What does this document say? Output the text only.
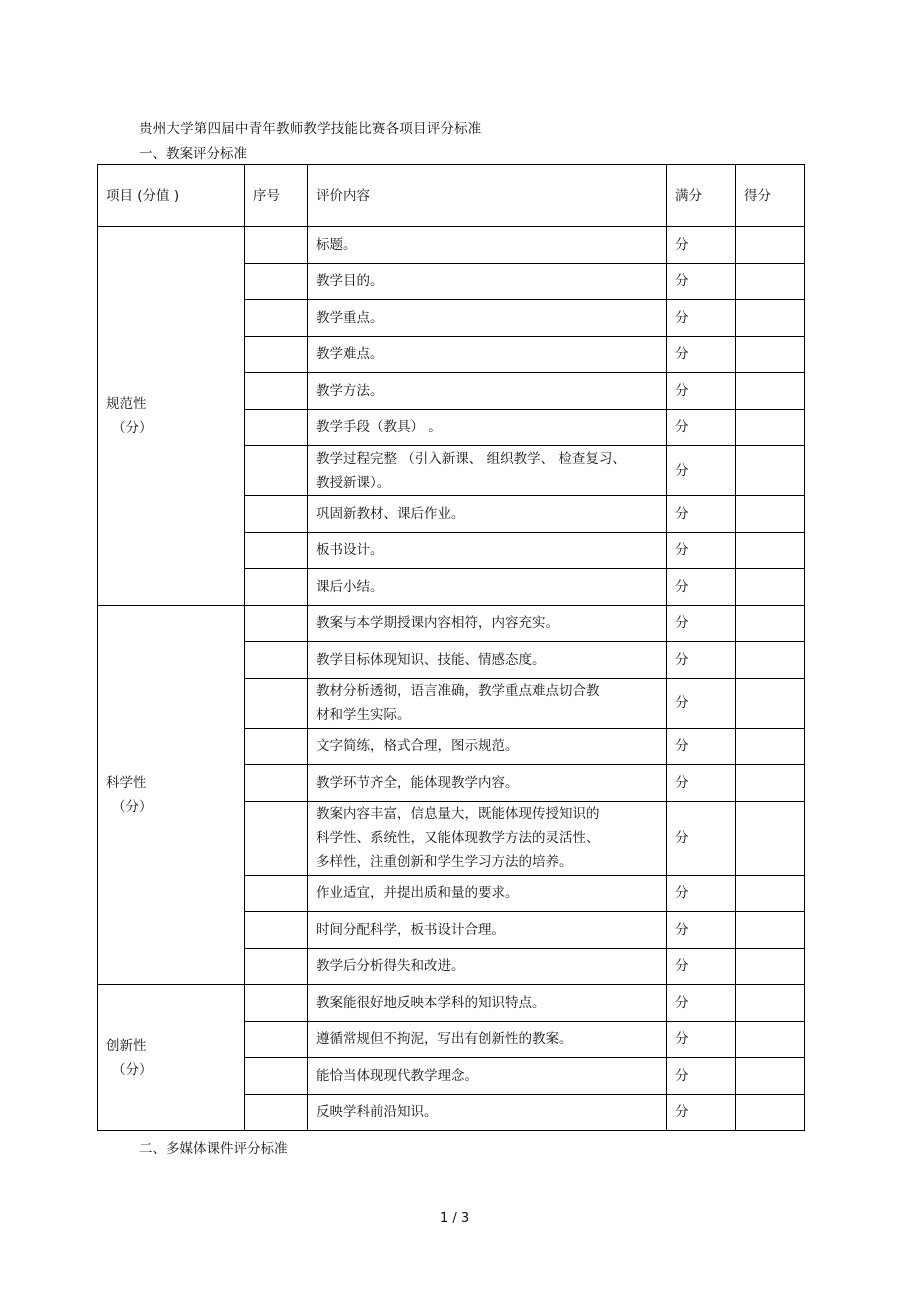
贵州大学第四届中青年教师教学技能比赛各项目评分标准
一、教案评分标准
项目 (分值 )	序号	评价内容	满分	得分

规范性
（分）		标题。	分	
		教学目的。	分	
		教学重点。	分	
		教学难点。	分	
		教学方法。	分	
		教学手段（教具） 。	分	
		教学过程完整 （引入新课、 组织教学、 检查复习、
教授新课）。	分	
		巩固新教材、课后作业。	分	
		板书设计。	分	
		课后小结。	分	

科学性
（分）		教案与本学期授课内容相符，内容充实。	分	
		教学目标体现知识、技能、情感态度。	分	
		教材分析透彻，语言准确，教学重点难点切合教
材和学生实际。	分	
		文字简练，格式合理，图示规范。	分	
		教学环节齐全，能体现教学内容。	分	
		教案内容丰富，信息量大，既能体现传授知识的
科学性、系统性，又能体现教学方法的灵活性、
多样性，注重创新和学生学习方法的培养。	分	
		作业适宜，并提出质和量的要求。	分	
		时间分配科学，板书设计合理。	分	
		教学后分析得失和改进。	分	

创新性
（分）		教案能很好地反映本学科的知识特点。	分	
		遵循常规但不拘泥，写出有创新性的教案。	分	
		能恰当体现现代教学理念。	分	
		反映学科前沿知识。	分	
二、多媒体课件评分标准
1 / 3
